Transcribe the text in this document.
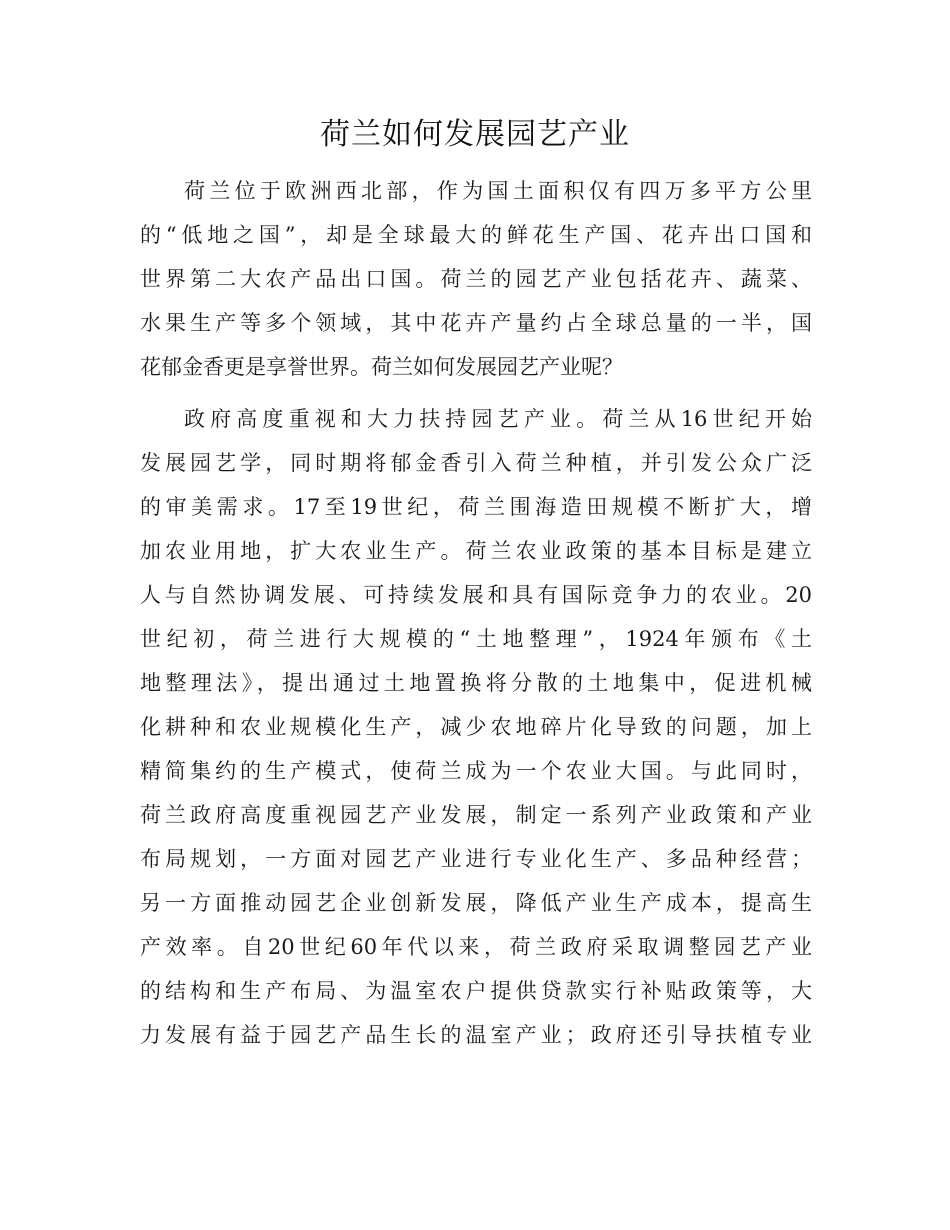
荷兰如何发展园艺产业
荷兰位于欧洲西北部，作为国土面积仅有四万多平方公里
的“低地之国”，却是全球最大的鲜花生产国、花卉出口国和
世界第二大农产品出口国。荷兰的园艺产业包括花卉、蔬菜、
水果生产等多个领域，其中花卉产量约占全球总量的一半，国
花郁金香更是享誉世界。荷兰如何发展园艺产业呢？
政府高度重视和大力扶持园艺产业。荷兰从16世纪开始
发展园艺学，同时期将郁金香引入荷兰种植，并引发公众广泛
的审美需求。17至19世纪，荷兰围海造田规模不断扩大，增
加农业用地，扩大农业生产。荷兰农业政策的基本目标是建立
人与自然协调发展、可持续发展和具有国际竞争力的农业。20
世纪初，荷兰进行大规模的“土地整理”，1924年颁布《土
地整理法》，提出通过土地置换将分散的土地集中，促进机械
化耕种和农业规模化生产，减少农地碎片化导致的问题，加上
精简集约的生产模式，使荷兰成为一个农业大国。与此同时，
荷兰政府高度重视园艺产业发展，制定一系列产业政策和产业
布局规划，一方面对园艺产业进行专业化生产、多品种经营；
另一方面推动园艺企业创新发展，降低产业生产成本，提高生
产效率。自20世纪60年代以来，荷兰政府采取调整园艺产业
的结构和生产布局、为温室农户提供贷款实行补贴政策等，大
力发展有益于园艺产品生长的温室产业；政府还引导扶植专业
